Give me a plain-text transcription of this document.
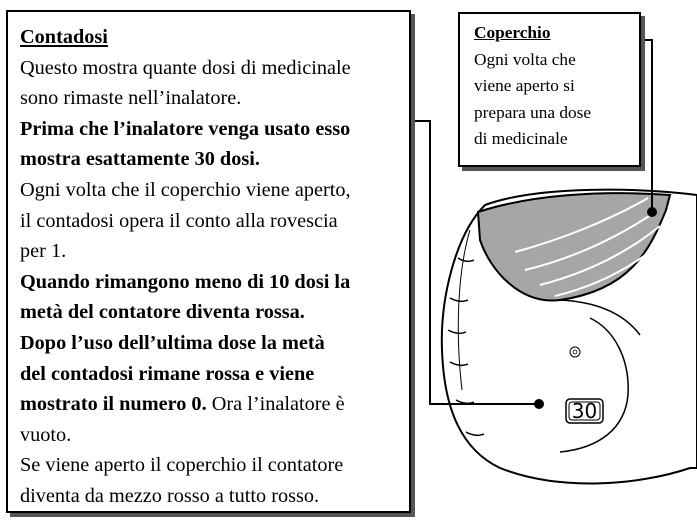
30

Contadosi

Questo mostra quante dosi di medicinale

sono rimaste nell’inalatore.

Prima che l’inalatore venga usato esso

mostra esattamente 30 dosi.

Ogni volta che il coperchio viene aperto,

il contadosi opera il conto alla rovescia

per 1.

Quando rimangono meno di 10 dosi la

metà del contatore diventa rossa.

Dopo l’uso dell’ultima dose la metà

del contadosi rimane rossa e viene

mostrato il numero 0. Ora l’inalatore è

vuoto.

Se viene aperto il coperchio il contatore

diventa da mezzo rosso a tutto rosso.

Coperchio

Ogni volta che

viene aperto si

prepara una dose

di medicinale
